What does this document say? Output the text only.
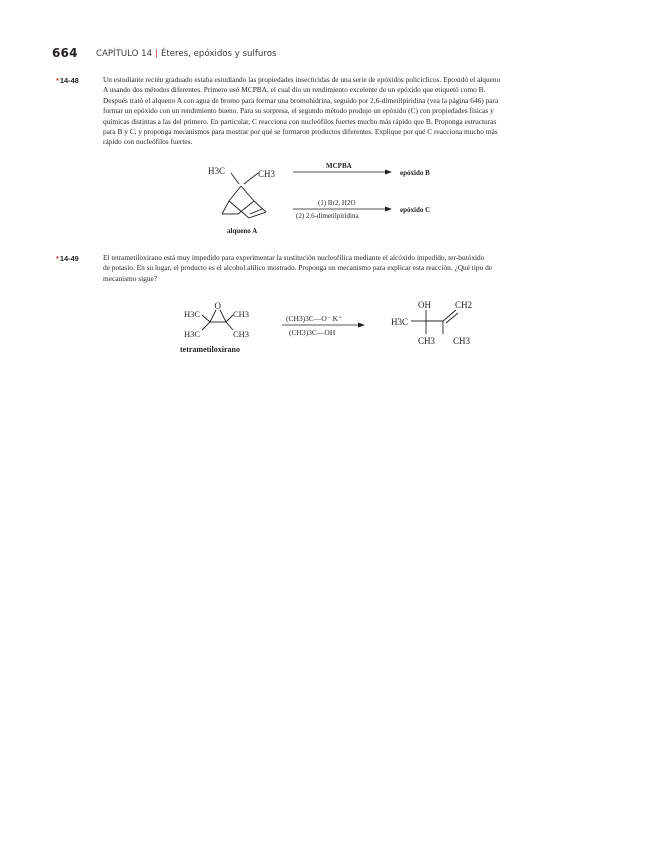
664 CAPÍTULO 14 | Éteres, epóxidos y sulfuros
*14-48	Un estudiante recién graduado estaba estudiando las propiedades insecticidas de una serie de epóxidos policíclicos. Epoxidó el alqueno
A usando dos métodos diferentes. Primero usó MCPBA, el cual dio un rendimiento excelente de un epóxido que etiquetó como B.
Después trató el alqueno A con agua de bromo para formar una bromohidrina, seguido por 2,6-dimetilpiridina (vea la página 646) para
formar un epóxido con un rendimiento bueno. Para su sorpresa, el segundo método produjo un epóxido (C) con propiedades físicas y
químicas distintas a las del primero. En particular, C reacciona con nucleófilos fuertes mucho más rápido que B. Proponga estructuras
para B y C, y proponga mecanismos para mostrar por qué se formaron productos diferentes. Explique por qué C reacciona mucho más
rápido con nucleófilos fuertes.
H3C	CH3
alqueno A
MCPBA
epóxido B
(1) Br2, H2O
(2) 2,6-dimetilpiridina
epóxido C
*14-49	El tetrametiloxirano está muy impedido para experimentar la sustitución nucleofílica mediante el alcóxido impedido, ter-butóxido
de potasio. En su lugar, el producto es el alcohol alílico mostrado. Proponga un mecanismo para explicar esta reacción. ¿Qué tipo de
mecanismo sigue?
O
H3C	CH3
H3C	CH3
tetrametiloxirano
(CH3)3C—O⁻ K⁺
(CH3)3C—OH
OH	CH2
H3C
CH3 CH3
